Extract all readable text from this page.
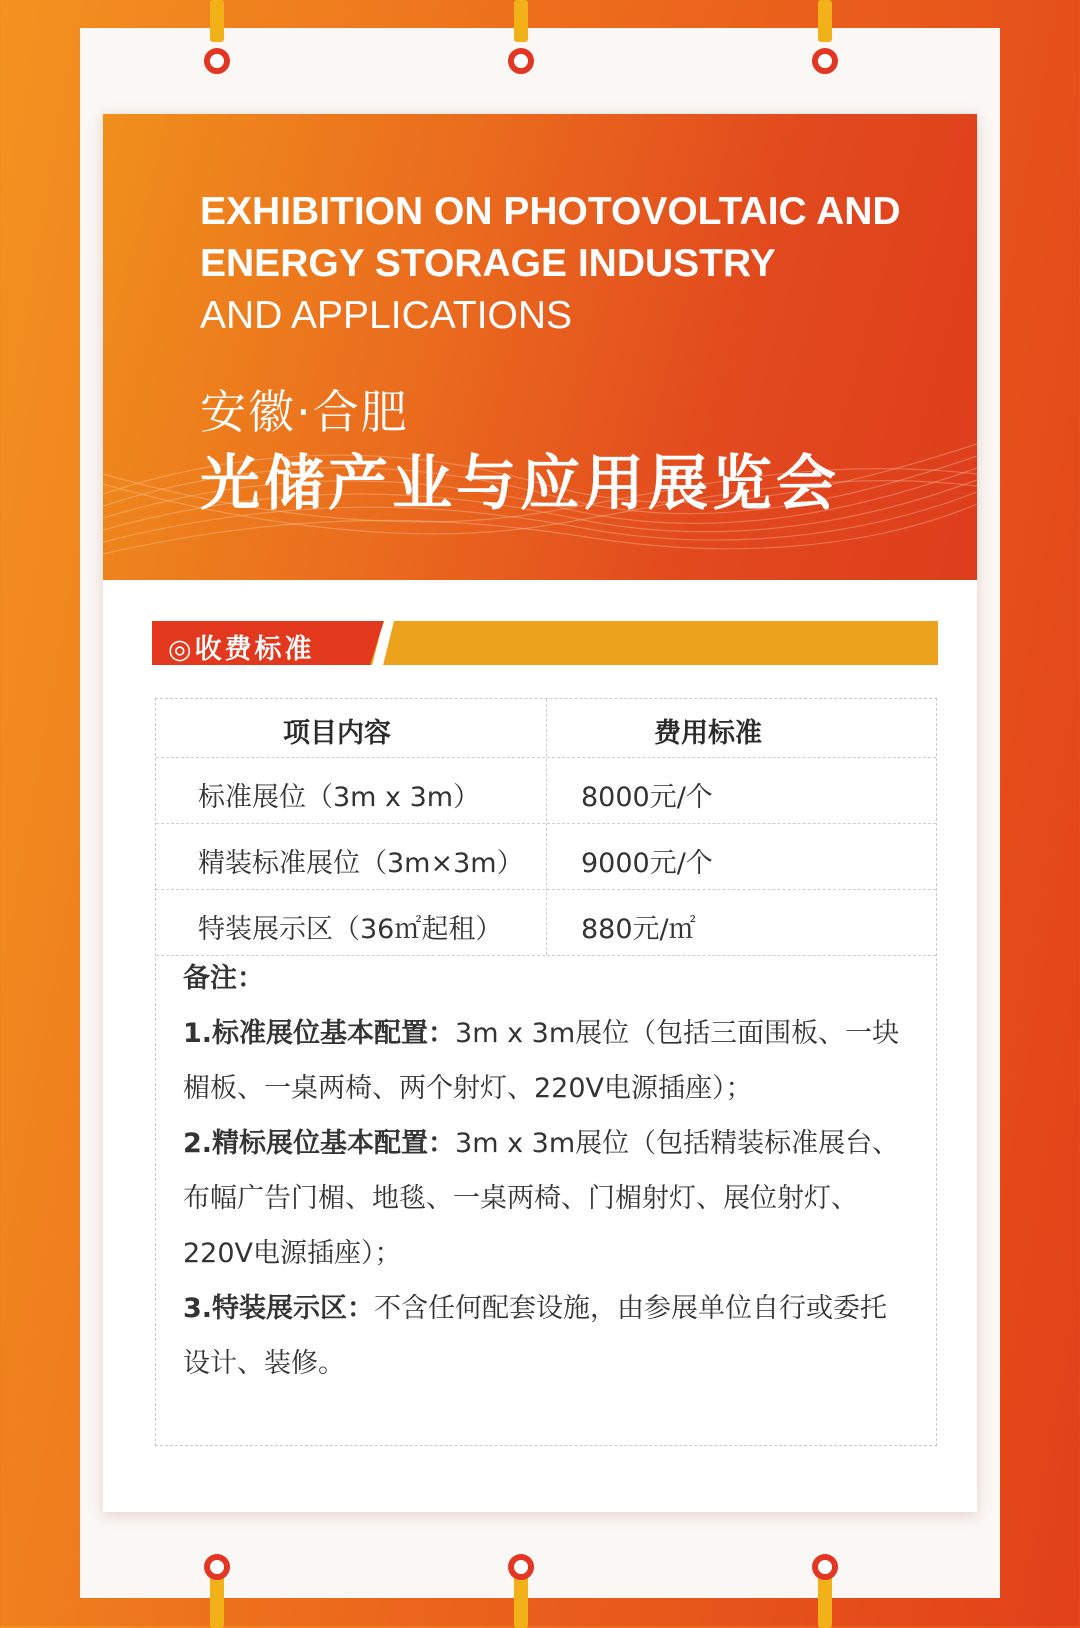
EXHIBITION ON PHOTOVOLTAIC AND
ENERGY STORAGE INDUSTRY
AND APPLICATIONS
安徽·合肥
光储产业与应用展览会
◎收费标准
项目内容	费用标准
标准展位（3m x 3m）	8000元/个
精装标准展位（3m×3m） 9000元/个
特装展示区（36㎡起租）	880元/㎡

备注：

1.标准展位基本配置：3m x 3m展位（包括三面围板、一块楣板、一桌两椅、两个射灯、220V电源插座）；

2.精标展位基本配置：3m x 3m展位（包括精装标准展台、布幅广告门楣、地毯、一桌两椅、门楣射灯、展位射灯、220V电源插座）；

3.特装展示区：不含任何配套设施，由参展单位自行或委托设计、装修。
